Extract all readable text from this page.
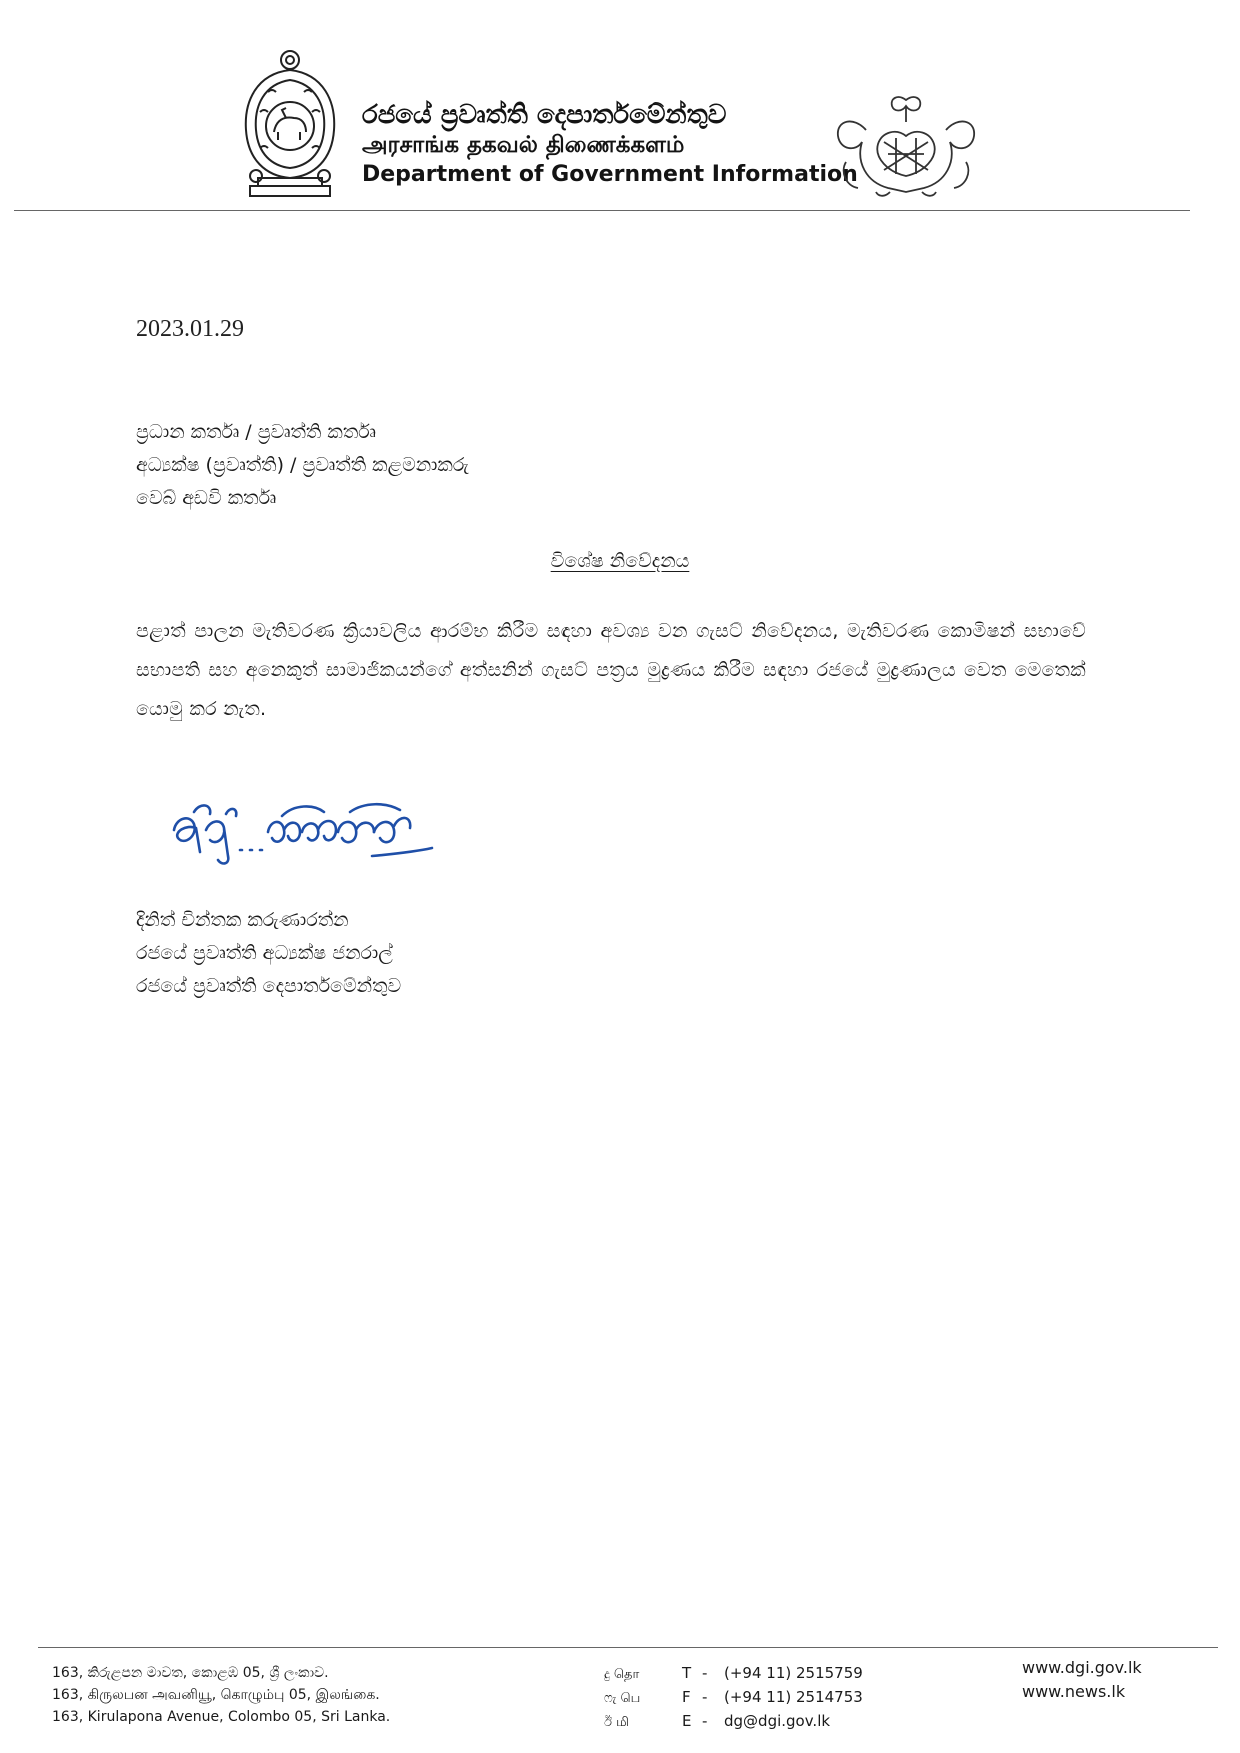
රජයේ ප්‍රවෘත්ති දෙපාර්තමේන්තුව
அரசாங்க தகவல் திணைக்களம்
Department of Government Information
2023.01.29
ප්‍රධාන කර්තෘ / ප්‍රවෘත්ති කර්තෘ
අධ්‍යක්ෂ (ප්‍රවෘත්ති) / ප්‍රවෘත්ති කළමනාකරු
වෙබ් අඩවි කර්තෘ
විශේෂ නිවේදනය

පළාත් පාලන මැතිවරණ ක්‍රියාවලිය ආරම්භ කිරීම සඳහා අවශ්‍ය වන ගැසට් නිවේදනය, මැතිවරණ කොමිෂන් සභාවේ සභාපති සහ අනෙකුත් සාමාජිකයන්ගේ අත්සනින් ගැසට් පත්‍රය මුද්‍රණය කිරීම සඳහා රජයේ මුද්‍රණාලය වෙත මෙතෙක් යොමු කර නැත.

දිනිත් චින්තක කරුණාරත්න
රජයේ ප්‍රවෘත්ති අධ්‍යක්ෂ ජනරාල්
රජයේ ප්‍රවෘත්ති දෙපාර්තමේන්තුව
163, කිරුළපන මාවත, කොළඹ 05, ශ්‍රී ලංකාව.
163, கிருலபன அவனியூ, கொழும்பு 05, இலங்கை.
163, Kirulapona Avenue, Colombo 05, Sri Lanka.
දු தொ	T - (+94 11) 2515759
ෆැ பெ	F - (+94 11) 2514753
ඊ மி	E - dg@dgi.gov.lk
www.dgi.gov.lk
www.news.lk
